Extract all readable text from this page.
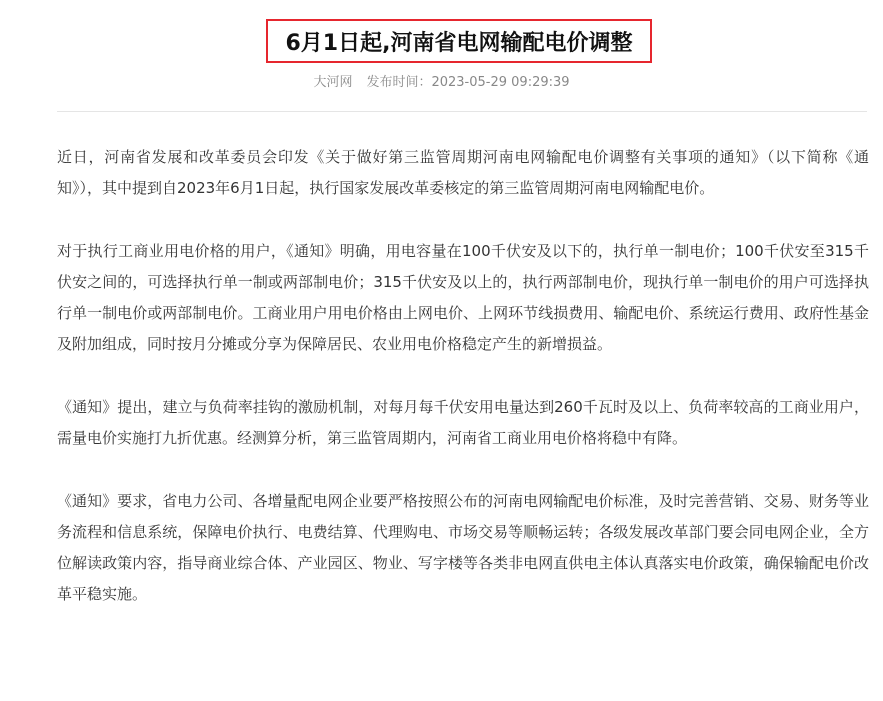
6月1日起,河南省电网输配电价调整
大河网 发布时间：2023-05-29 09:29:39

近日，河南省发展和改革委员会印发《关于做好第三监管周期河南电网输配电价调整有关事项的通知》（以下简称《通知》），其中提到自2023年6月1日起，执行国家发展改革委核定的第三监管周期河南电网输配电价。

对于执行工商业用电价格的用户，《通知》明确，用电容量在100千伏安及以下的，执行单一制电价；100千伏安至315千伏安之间的，可选择执行单一制或两部制电价；315千伏安及以上的，执行两部制电价，现执行单一制电价的用户可选择执行单一制电价或两部制电价。工商业用户用电价格由上网电价、上网环节线损费用、输配电价、系统运行费用、政府性基金及附加组成，同时按月分摊或分享为保障居民、农业用电价格稳定产生的新增损益。

《通知》提出，建立与负荷率挂钩的激励机制，对每月每千伏安用电量达到260千瓦时及以上、负荷率较高的工商业用户，需量电价实施打九折优惠。经测算分析，第三监管周期内，河南省工商业用电价格将稳中有降。

《通知》要求，省电力公司、各增量配电网企业要严格按照公布的河南电网输配电价标准，及时完善营销、交易、财务等业务流程和信息系统，保障电价执行、电费结算、代理购电、市场交易等顺畅运转；各级发展改革部门要会同电网企业，全方位解读政策内容，指导商业综合体、产业园区、物业、写字楼等各类非电网直供电主体认真落实电价政策，确保输配电价改革平稳实施。
